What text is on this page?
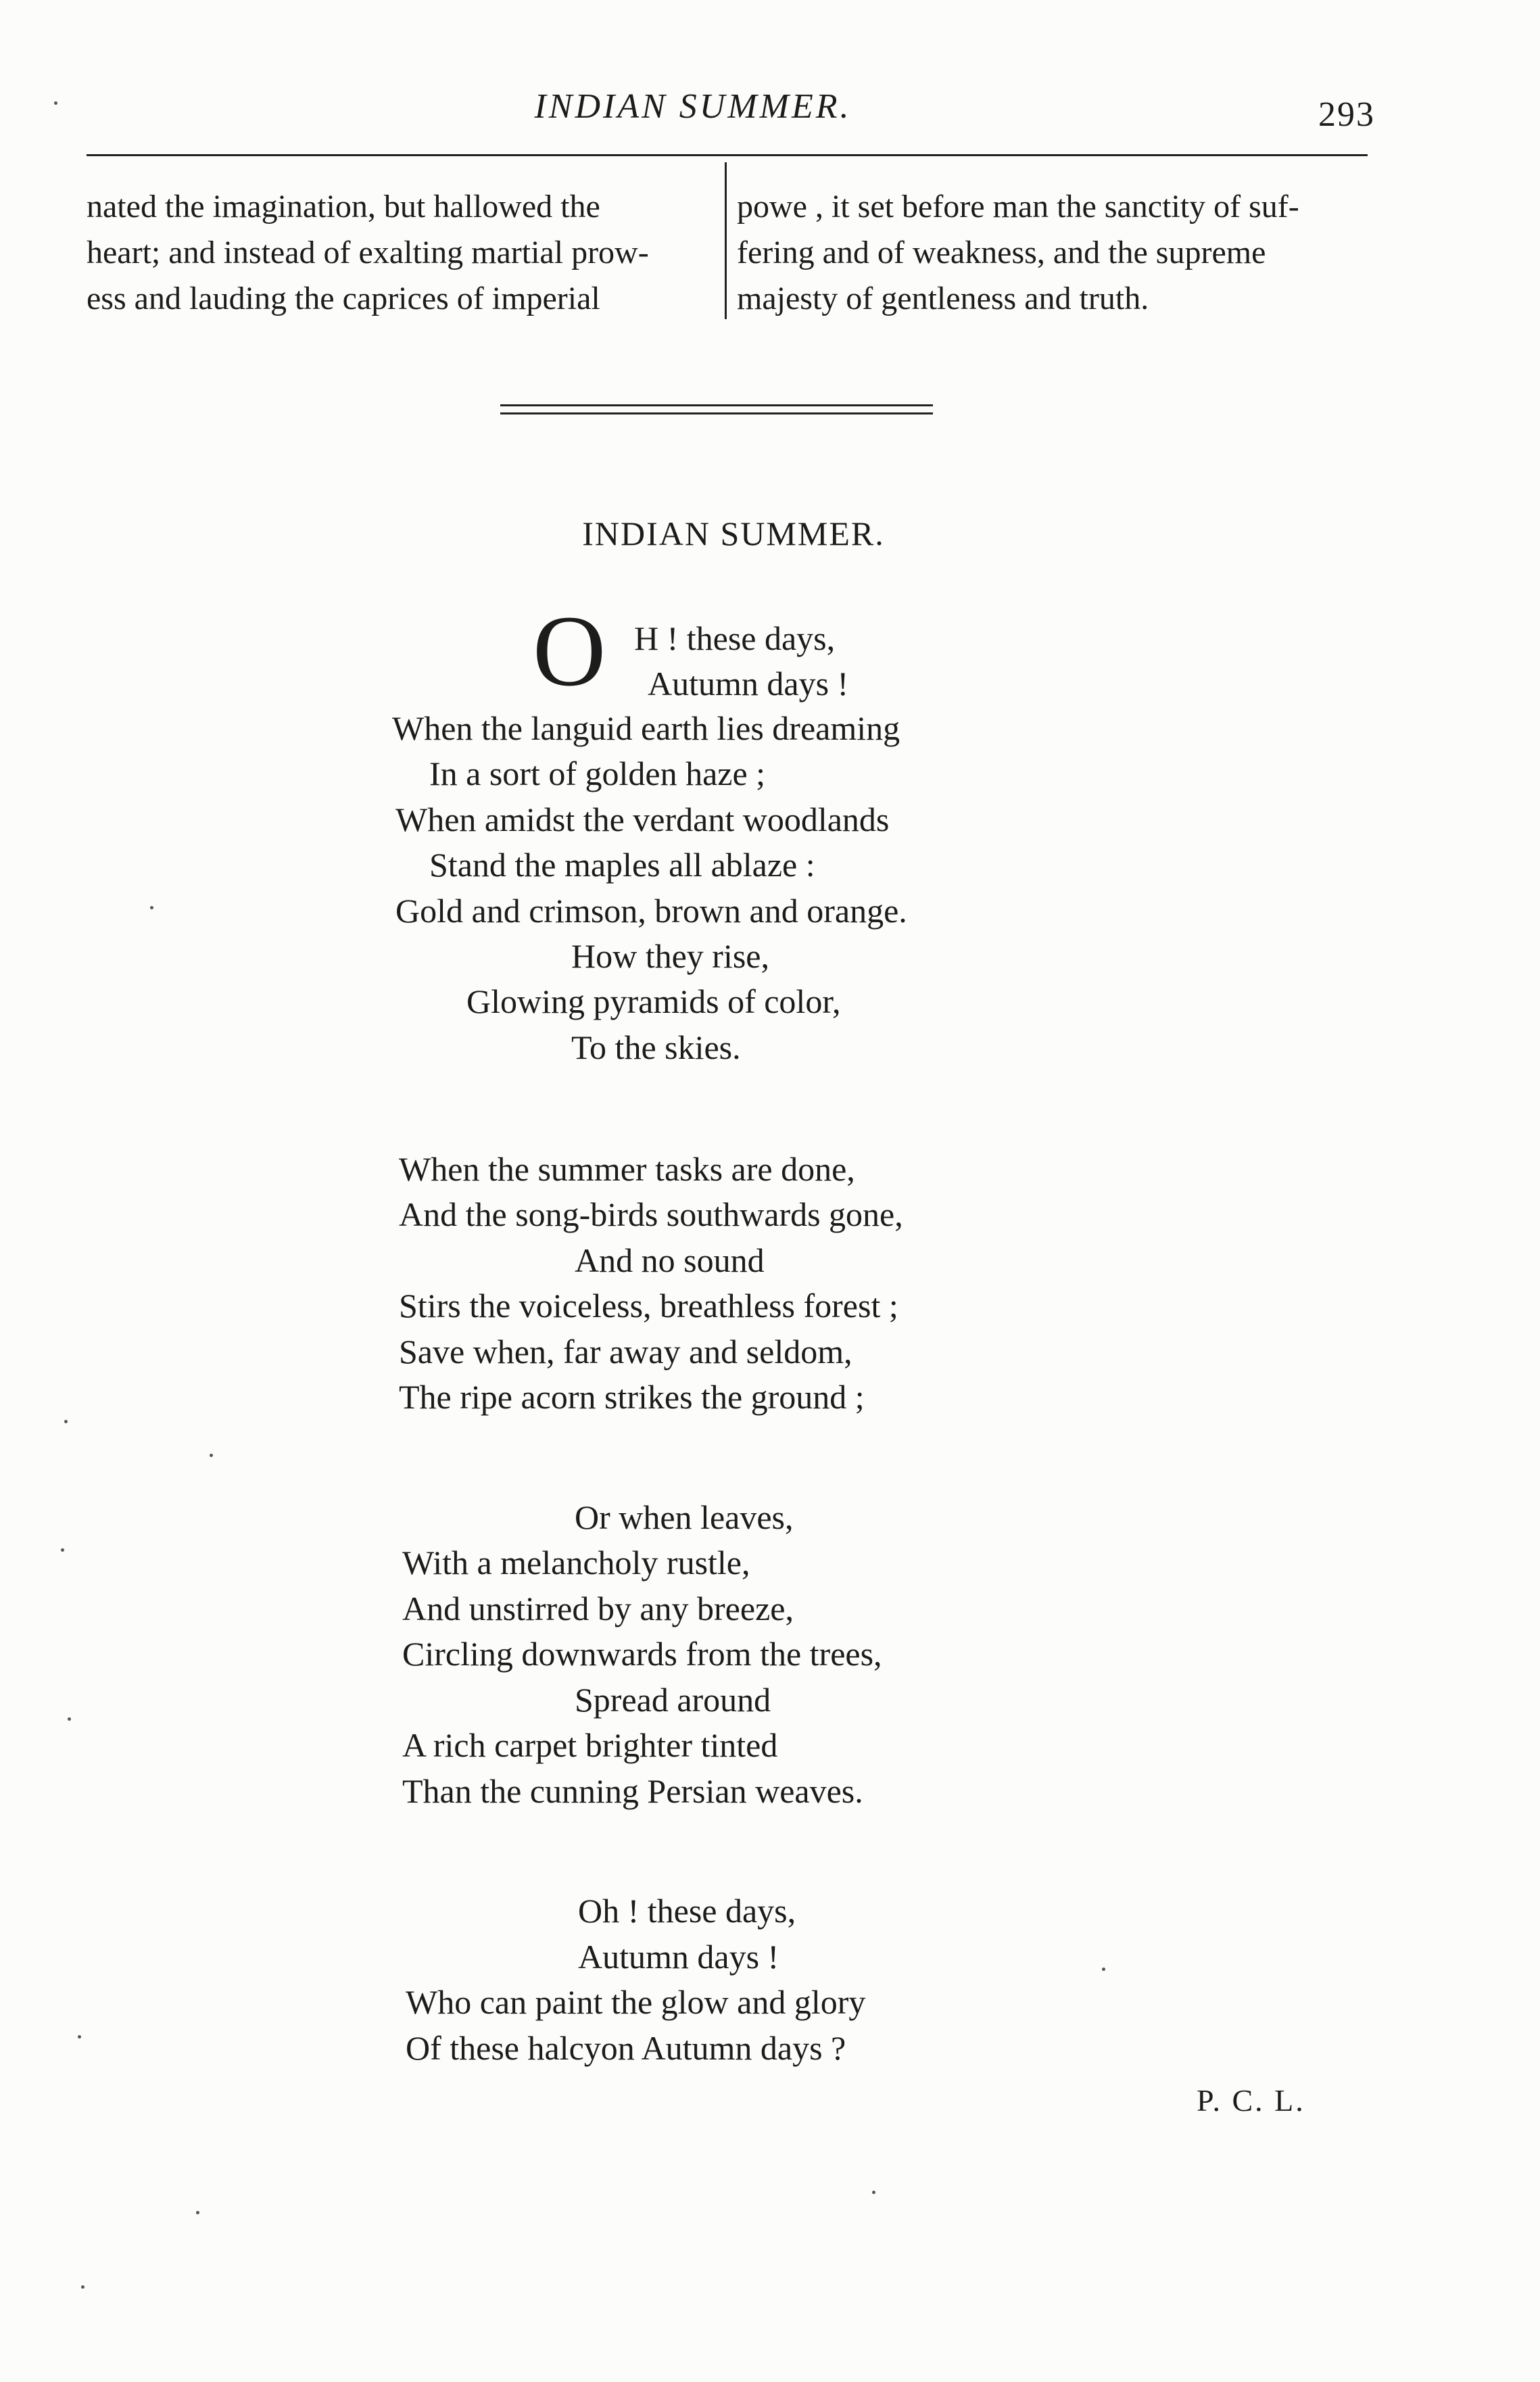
INDIAN SUMMER.	293

nated the imagination, but hallowed the

heart; and instead of exalting martial prow-

ess and lauding the caprices of imperial

powe , it set before man the sanctity of suf-

fering and of weakness, and the supreme

majesty of gentleness and truth.

INDIAN SUMMER.
O H ! these days,
Autumn days !
When the languid earth lies dreaming
In a sort of golden haze ;
When amidst the verdant woodlands
Stand the maples all ablaze :
Gold and crimson, brown and orange.
How they rise,
Glowing pyramids of color,
To the skies.
When the summer tasks are done,
And the song-birds southwards gone,
And no sound
Stirs the voiceless, breathless forest ;
Save when, far away and seldom,
The ripe acorn strikes the ground ;
Or when leaves,
With a melancholy rustle,
And unstirred by any breeze,
Circling downwards from the trees,
Spread around
A rich carpet brighter tinted
Than the cunning Persian weaves.
Oh ! these days,
Autumn days !
Who can paint the glow and glory
Of these halcyon Autumn days ?
P. C. L.
